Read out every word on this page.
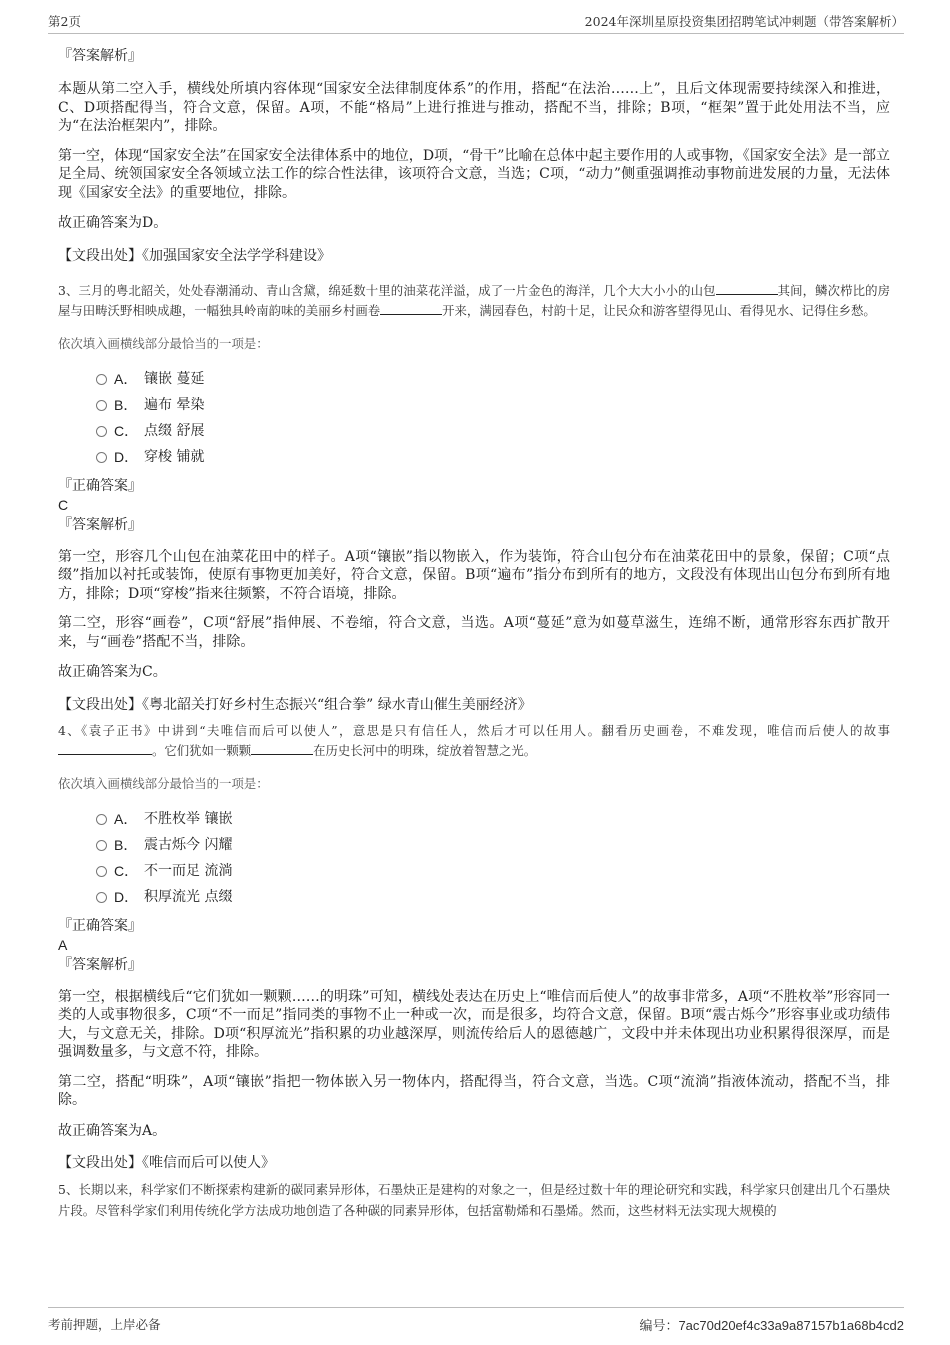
第2页	2024年深圳星原投资集团招聘笔试冲刺题（带答案解析）
『答案解析』
本题从第二空入手，横线处所填内容体现“国家安全法律制度体系”的作用，搭配“在法治……上”，且后文体现需要持续深入和推进，C、D项搭配得当，符合文意，保留。A项，不能“格局”上进行推进与推动，搭配不当，排除；B项，“框架”置于此处用法不当，应为“在法治框架内”，排除。
第一空，体现“国家安全法”在国家安全法律体系中的地位，D项，“骨干”比喻在总体中起主要作用的人或事物，《国家安全法》是一部立足全局、统领国家安全各领域立法工作的综合性法律，该项符合文意，当选；C项，“动力”侧重强调推动事物前进发展的力量，无法体现《国家安全法》的重要地位，排除。
故正确答案为D。
【文段出处】《加强国家安全法学学科建设》
3、三月的粤北韶关，处处春潮涌动、青山含黛，绵延数十里的油菜花洋溢，成了一片金色的海洋，几个大大小小的山包	其间，鳞次栉比的房屋与田畴沃野相映成趣，一幅独具岭南韵味的美丽乡村画卷	开来，满园春色，村韵十足，让民众和游客望得见山、看得见水、记得住乡愁。
依次填入画横线部分最恰当的一项是：
A． 镶嵌 蔓延
B． 遍布 晕染
C． 点缀 舒展
D． 穿梭 铺就
『正确答案』
C
『答案解析』
第一空，形容几个山包在油菜花田中的样子。A项“镶嵌”指以物嵌入，作为装饰，符合山包分布在油菜花田中的景象，保留；C项“点缀”指加以衬托或装饰，使原有事物更加美好，符合文意，保留。B项“遍布”指分布到所有的地方，文段没有体现出山包分布到所有地方，排除；D项“穿梭”指来往频繁，不符合语境，排除。
第二空，形容“画卷”，C项“舒展”指伸展、不卷缩，符合文意，当选。A项“蔓延”意为如蔓草滋生，连绵不断，通常形容东西扩散开来，与“画卷”搭配不当，排除。
故正确答案为C。
【文段出处】《粤北韶关打好乡村生态振兴“组合拳” 绿水青山催生美丽经济》
4、《袁子正书》中讲到“夫唯信而后可以使人”，意思是只有信任人，然后才可以任用人。翻看历史画卷，不难发现，唯信而后使人的故事。它们犹如一颗颗	在历史长河中的明珠，绽放着智慧之光。
依次填入画横线部分最恰当的一项是：
A． 不胜枚举 镶嵌
B． 震古烁今 闪耀
C． 不一而足 流淌
D． 积厚流光 点缀
『正确答案』
A
『答案解析』
第一空，根据横线后“它们犹如一颗颗……的明珠”可知，横线处表达在历史上“唯信而后使人”的故事非常多，A项“不胜枚举”形容同一类的人或事物很多，C项“不一而足”指同类的事物不止一种或一次，而是很多，均符合文意，保留。B项“震古烁今”形容事业或功绩伟大，与文意无关，排除。D项“积厚流光”指积累的功业越深厚，则流传给后人的恩德越广，文段中并未体现出功业积累得很深厚，而是强调数量多，与文意不符，排除。
第二空，搭配“明珠”，A项“镶嵌”指把一物体嵌入另一物体内，搭配得当，符合文意，当选。C项“流淌”指液体流动，搭配不当，排除。
故正确答案为A。
【文段出处】《唯信而后可以使人》
5、长期以来，科学家们不断探索构建新的碳同素异形体，石墨炔正是建构的对象之一，但是经过数十年的理论研究和实践，科学家只创建出几个石墨炔片段。尽管科学家们利用传统化学方法成功地创造了各种碳的同素异形体，包括富勒烯和石墨烯。然而，这些材料无法实现大规模的
考前押题，上岸必备	编号：7ac70d20ef4c33a9a87157b1a68b4cd2
